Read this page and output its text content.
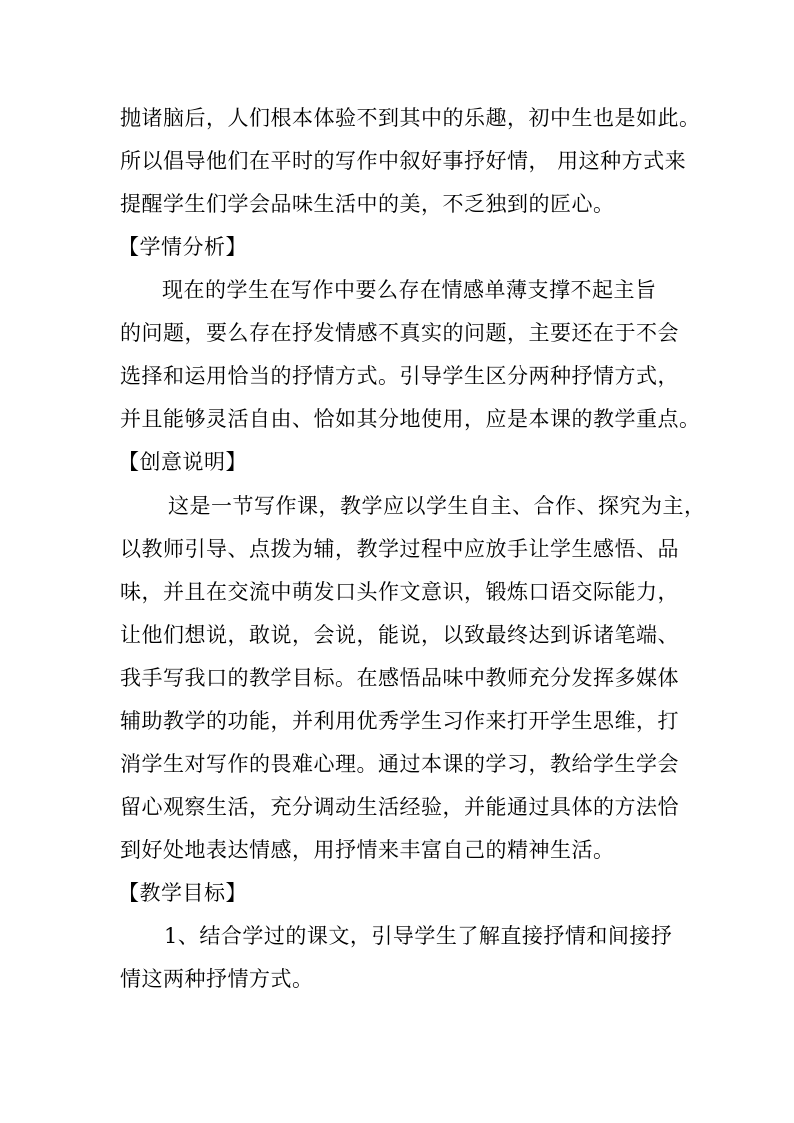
抛诸脑后，人们根本体验不到其中的乐趣，初中生也是如此。
所以倡导他们在平时的写作中叙好事抒好情， 用这种方式来
提醒学生们学会品味生活中的美，不乏独到的匠心。
【学情分析】
现在的学生在写作中要么存在情感单薄支撑不起主旨
的问题，要么存在抒发情感不真实的问题，主要还在于不会
选择和运用恰当的抒情方式。引导学生区分两种抒情方式，
并且能够灵活自由、恰如其分地使用，应是本课的教学重点。
【创意说明】
这是一节写作课，教学应以学生自主、合作、探究为主，
以教师引导、点拨为辅，教学过程中应放手让学生感悟、品
味，并且在交流中萌发口头作文意识，锻炼口语交际能力，
让他们想说，敢说，会说，能说，以致最终达到诉诸笔端、
我手写我口的教学目标。在感悟品味中教师充分发挥多媒体
辅助教学的功能，并利用优秀学生习作来打开学生思维，打
消学生对写作的畏难心理。通过本课的学习，教给学生学会
留心观察生活，充分调动生活经验，并能通过具体的方法恰
到好处地表达情感，用抒情来丰富自己的精神生活。
【教学目标】
1、结合学过的课文，引导学生了解直接抒情和间接抒
情这两种抒情方式。
